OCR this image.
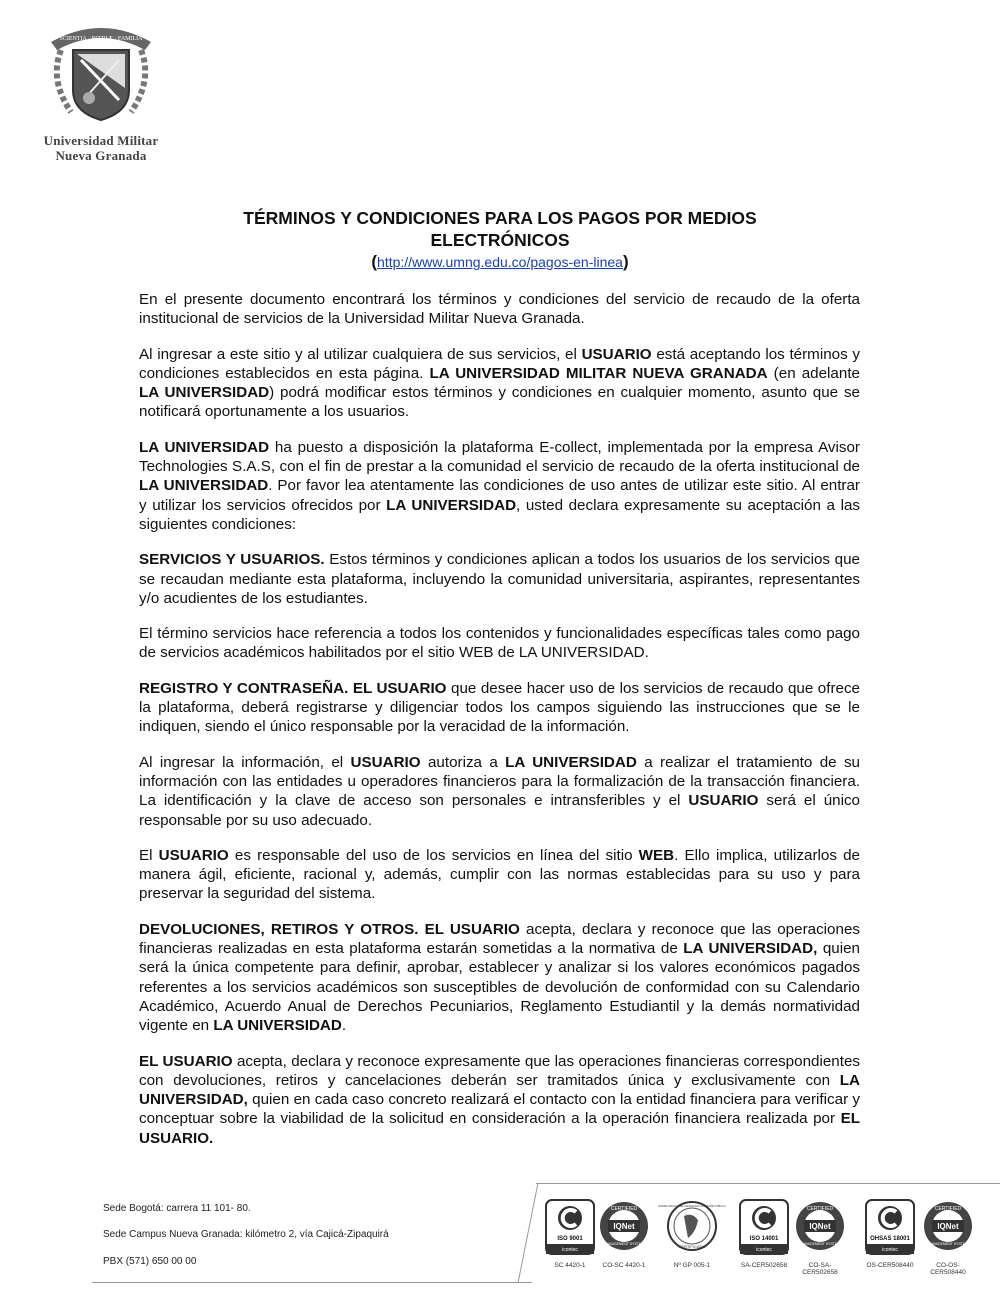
SCIENTIA · PATRIÆ · FAMILIA
Universidad Militar
Nueva Granada
TÉRMINOS Y CONDICIONES PARA LOS PAGOS POR MEDIOS
ELECTRÓNICOS
(http://www.umng.edu.co/pagos-en-linea)

En el presente documento encontrará los términos y condiciones del servicio de recaudo de la oferta institucional de servicios de la Universidad Militar Nueva Granada.

Al ingresar a este sitio y al utilizar cualquiera de sus servicios, el USUARIO está aceptando los términos y condiciones establecidos en esta página. LA UNIVERSIDAD MILITAR NUEVA GRANADA (en adelante LA UNIVERSIDAD) podrá modificar estos términos y condiciones en cualquier momento, asunto que se notificará oportunamente a los usuarios.

LA UNIVERSIDAD ha puesto a disposición la plataforma E-collect, implementada por la empresa Avisor Technologies S.A.S, con el fin de prestar a la comunidad el servicio de recaudo de la oferta institucional de LA UNIVERSIDAD. Por favor lea atentamente las condiciones de uso antes de utilizar este sitio. Al entrar y utilizar los servicios ofrecidos por LA UNIVERSIDAD, usted declara expresamente su aceptación a las siguientes condiciones:

SERVICIOS Y USUARIOS. Estos términos y condiciones aplican a todos los usuarios de los servicios que se recaudan mediante esta plataforma, incluyendo la comunidad universitaria, aspirantes, representantes y/o acudientes de los estudiantes.

El término servicios hace referencia a todos los contenidos y funcionalidades específicas tales como pago de servicios académicos habilitados por el sitio WEB de LA UNIVERSIDAD.

REGISTRO Y CONTRASEÑA. EL USUARIO que desee hacer uso de los servicios de recaudo que ofrece la plataforma, deberá registrarse y diligenciar todos los campos siguiendo las instrucciones que se le indiquen, siendo el único responsable por la veracidad de la información.

Al ingresar la información, el USUARIO autoriza a LA UNIVERSIDAD a realizar el tratamiento de su información con las entidades u operadores financieros para la formalización de la transacción financiera. La identificación y la clave de acceso son personales e intransferibles y el USUARIO será el único responsable por su uso adecuado.

El USUARIO es responsable del uso de los servicios en línea del sitio WEB. Ello implica, utilizarlos de manera ágil, eficiente, racional y, además, cumplir con las normas establecidas para su uso y para preservar la seguridad del sistema.

DEVOLUCIONES, RETIROS Y OTROS. EL USUARIO acepta, declara y reconoce que las operaciones financieras realizadas en esta plataforma estarán sometidas a la normativa de LA UNIVERSIDAD, quien será la única competente para definir, aprobar, establecer y analizar si los valores económicos pagados referentes a los servicios académicos son susceptibles de devolución de conformidad con su Calendario Académico, Acuerdo Anual de Derechos Pecuniarios, Reglamento Estudiantil y la demás normatividad vigente en LA UNIVERSIDAD.

EL USUARIO acepta, declara y reconoce expresamente que las operaciones financieras correspondientes con devoluciones, retiros y cancelaciones deberán ser tramitados única y exclusivamente con LA UNIVERSIDAD, quien en cada caso concreto realizará el contacto con la entidad financiera para verificar y conceptuar sobre la viabilidad de la solicitud en consideración a la operación financiera realizada por EL USUARIO.

Sede Bogotá: carrera 11 101- 80.
Sede Campus Nueva Granada: kilómetro 2, vía Cajicá-Zipaquirá
PBX (571) 650 00 00
ISO 9001
icontec
SC 4420-1
CERTIFIED
IQNet
MANAGEMENT SYSTEM
CO-SC 4420-1
NORMA TÉCNICA DE CALIDAD EN LA GESTIÓN PÚBLICA
CERTIFICADO
Nº GP 005-1
ISO 14001
icontec
SA-CER502658
CERTIFIED
IQNet
MANAGEMENT SYSTEM
CO-SA-CER502658
OHSAS 18001
icontec
OS-CER508440
CERTIFIED
IQNet
MANAGEMENT SYSTEM
CO-OS-CER508440
